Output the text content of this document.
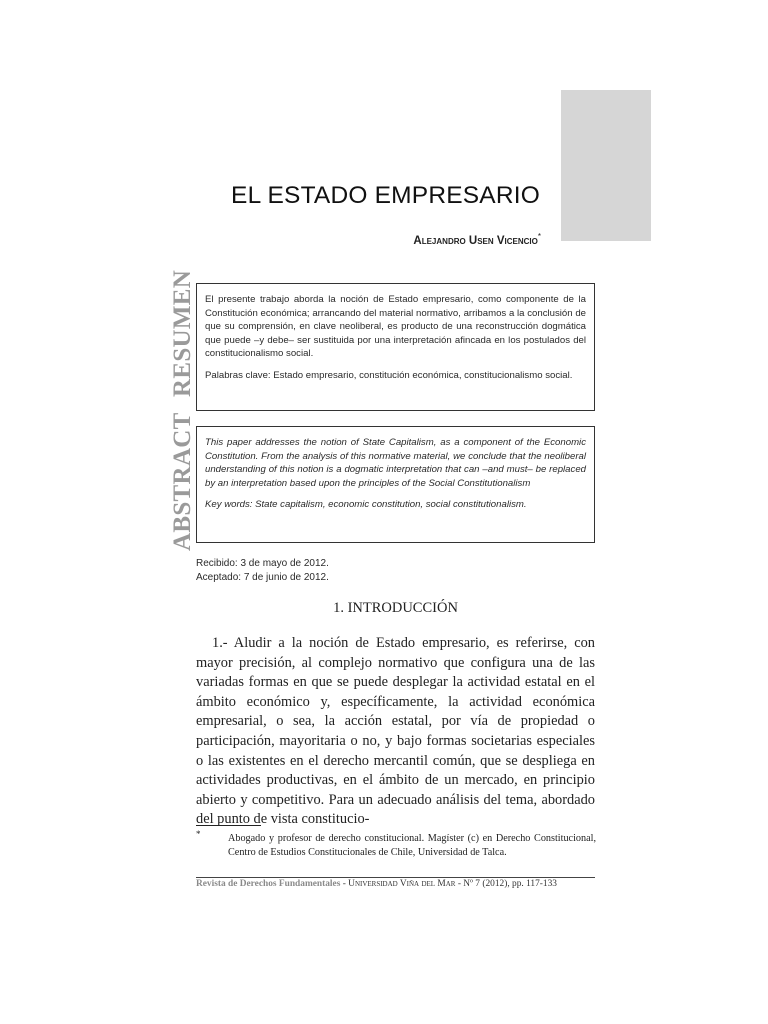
EL ESTADO EMPRESARIO
Alejandro Usen Vicencio*
RESUMEN El presente trabajo aborda la noción de Estado empresario, como componente de la Constitución económica; arrancando del material normativo, arribamos a la conclusión de que su comprensión, en clave neoliberal, es producto de una reconstrucción dogmática que puede –y debe– ser sustituida por una interpretación afincada en los postulados del constitucionalismo social.

Palabras clave: Estado empresario, constitución económica, constitucionalismo social.

ABSTRACT This paper addresses the notion of State Capitalism, as a component of the Economic Constitution. From the analysis of this normative material, we conclude that the neoliberal understanding of this notion is a dogmatic interpretation that can –and must– be replaced by an interpretation based upon the principles of the Social Constitutionalism

Key words: State capitalism, economic constitution, social constitutionalism.

Recibido: 3 de mayo de 2012.
Aceptado: 7 de junio de 2012.
1. INTRODUCCIÓN
1.- Aludir a la noción de Estado empresario, es referirse, con mayor precisión, al complejo normativo que configura una de las variadas formas en que se puede desplegar la actividad estatal en el ámbito económico y, específicamente, la actividad económica empresarial, o sea, la acción estatal, por vía de propiedad o participación, mayoritaria o no, y bajo formas societarias especiales o las existentes en el derecho mercantil común, que se despliega en actividades productivas, en el ámbito de un mercado, en principio abierto y competitivo. Para un adecuado análisis del tema, abordado del punto de vista constitucio-
*	Abogado y profesor de derecho constitucional. Magíster (c) en Derecho Constitucional, Centro de Estudios Constitucionales de Chile, Universidad de Talca.
Revista de Derechos Fundamentales - Universidad Viña del Mar - Nº 7 (2012), pp. 117-133
